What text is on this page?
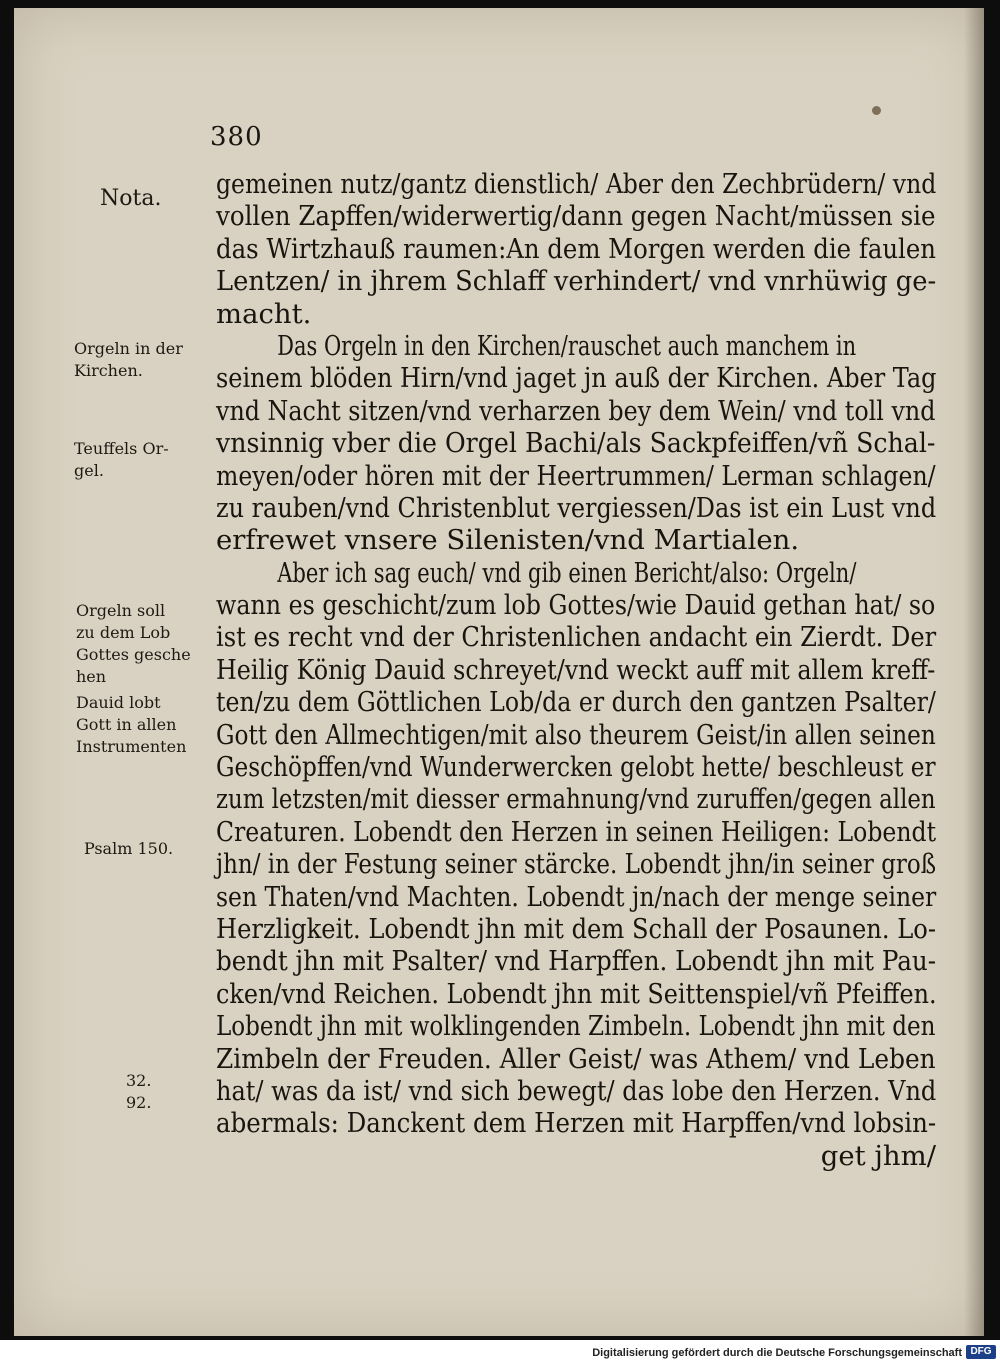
380
Nota.
Orgeln in der
Kirchen.
Teuffels Or-
gel.
Orgeln soll
zu dem Lob
Gottes gesche
hen
Dauid lobt
Gott in allen
Instrumenten
Psalm 150.
32.
92.
gemeinen nutz/gantz dienstlich/ Aber den Zechbrüdern/ vnd
vollen Zapffen/widerwertig/dann gegen Nacht/müssen sie
das Wirtzhauß raumen:An dem Morgen werden die faulen
Lentzen/ in jhrem Schlaff verhindert/ vnd vnrhüwig ge-
macht.
Das Orgeln in den Kirchen/rauschet auch manchem in
seinem blöden Hirn/vnd jaget jn auß der Kirchen. Aber Tag
vnd Nacht sitzen/vnd verharzen bey dem Wein/ vnd toll vnd
vnsinnig vber die Orgel Bachi/als Sackpfeiffen/vñ Schal-
meyen/oder hören mit der Heertrummen/ Lerman schlagen/
zu rauben/vnd Christenblut vergiessen/Das ist ein Lust vnd
erfrewet vnsere Silenisten/vnd Martialen.
Aber ich sag euch/ vnd gib einen Bericht/also: Orgeln/
wann es geschicht/zum lob Gottes/wie Dauid gethan hat/ so
ist es recht vnd der Christenlichen andacht ein Zierdt. Der
Heilig König Dauid schreyet/vnd weckt auff mit allem kreff-
ten/zu dem Göttlichen Lob/da er durch den gantzen Psalter/
Gott den Allmechtigen/mit also theurem Geist/in allen seinen
Geschöpffen/vnd Wunderwercken gelobt hette/ beschleust er
zum letzsten/mit diesser ermahnung/vnd zuruffen/gegen allen
Creaturen. Lobendt den Herzen in seinen Heiligen: Lobendt
jhn/ in der Festung seiner stärcke. Lobendt jhn/in seiner groß
sen Thaten/vnd Machten. Lobendt jn/nach der menge seiner
Herzligkeit. Lobendt jhn mit dem Schall der Posaunen. Lo-
bendt jhn mit Psalter/ vnd Harpffen. Lobendt jhn mit Pau-
cken/vnd Reichen. Lobendt jhn mit Seittenspiel/vñ Pfeiffen.
Lobendt jhn mit wolklingenden Zimbeln. Lobendt jhn mit den
Zimbeln der Freuden. Aller Geist/ was Athem/ vnd Leben
hat/ was da ist/ vnd sich bewegt/ das lobe den Herzen. Vnd
abermals: Danckent dem Herzen mit Harpffen/vnd lobsin-
get jhm/
Digitalisierung gefördert durch die Deutsche Forschungsgemeinschaft DFG
